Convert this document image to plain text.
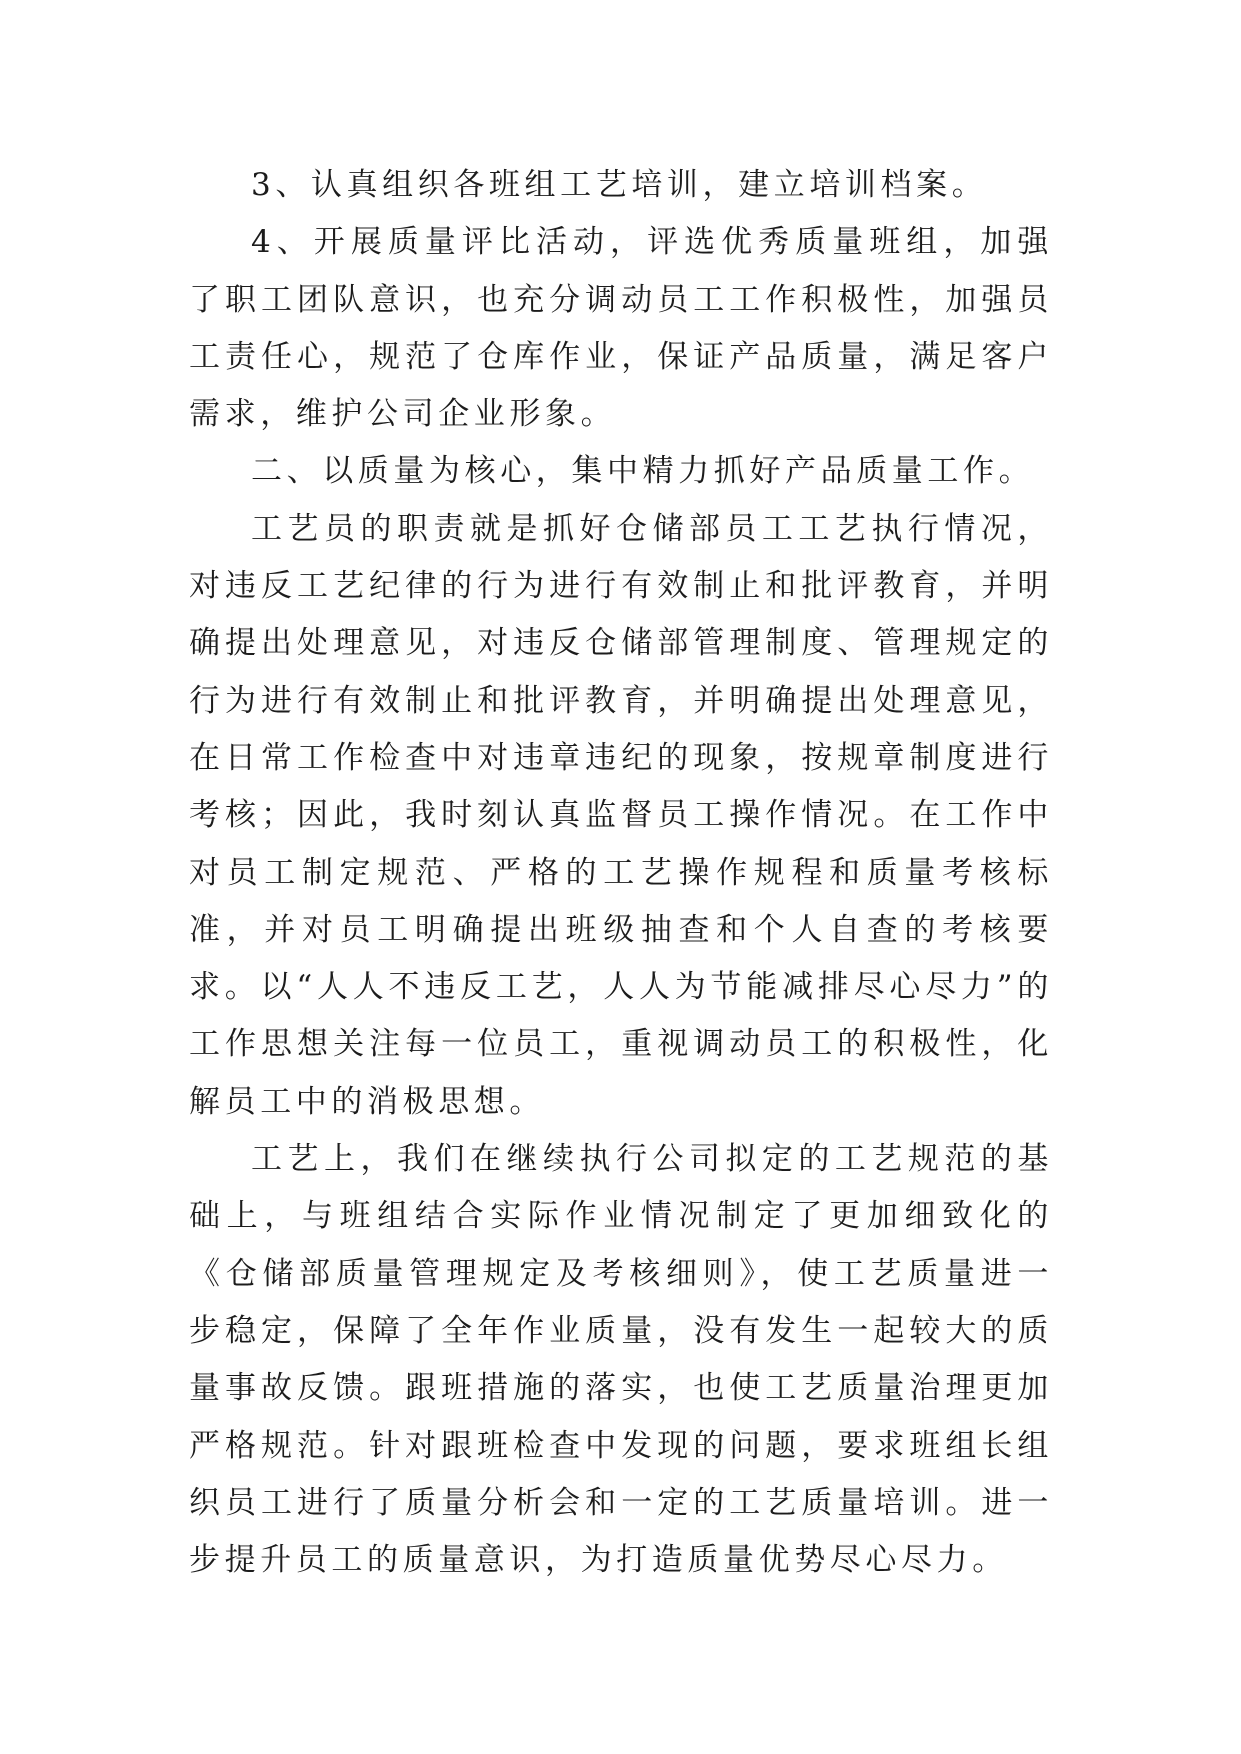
3、认真组织各班组工艺培训，建立培训档案。

4、开展质量评比活动，评选优秀质量班组，加强了职工团队意识，也充分调动员工工作积极性，加强员工责任心，规范了仓库作业，保证产品质量，满足客户需求，维护公司企业形象。

二、以质量为核心，集中精力抓好产品质量工作。

工艺员的职责就是抓好仓储部员工工艺执行情况，对违反工艺纪律的行为进行有效制止和批评教育，并明确提出处理意见，对违反仓储部管理制度、管理规定的行为进行有效制止和批评教育，并明确提出处理意见，在日常工作检查中对违章违纪的现象，按规章制度进行考核；因此，我时刻认真监督员工操作情况。在工作中对员工制定规范、严格的工艺操作规程和质量考核标准，并对员工明确提出班级抽查和个人自查的考核要求。以“人人不违反工艺，人人为节能减排尽心尽力”的工作思想关注每一位员工，重视调动员工的积极性，化解员工中的消极思想。

工艺上，我们在继续执行公司拟定的工艺规范的基础上，与班组结合实际作业情况制定了更加细致化的《仓储部质量管理规定及考核细则》，使工艺质量进一步稳定，保障了全年作业质量，没有发生一起较大的质量事故反馈。跟班措施的落实，也使工艺质量治理更加严格规范。针对跟班检查中发现的问题，要求班组长组织员工进行了质量分析会和一定的工艺质量培训。进一步提升员工的质量意识，为打造质量优势尽心尽力。
